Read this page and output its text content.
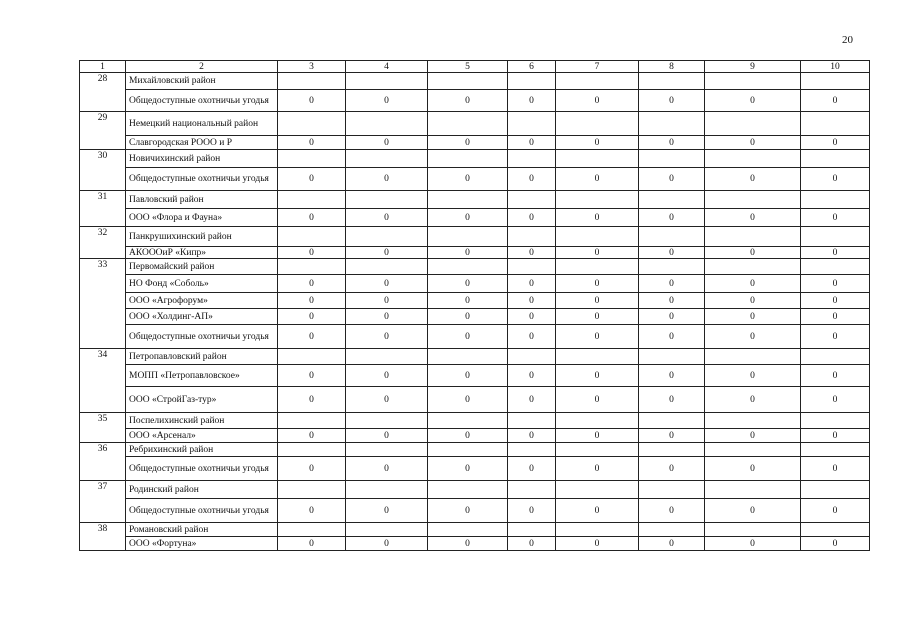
20
1	2	3	4	5	6	7	8	9	10
28	Михайловский район								
	Общедоступные охотничьи угодья	0	0	0	0	0	0	0	0
29	Немецкий национальный район								
	Славгородская РООО и Р	0	0	0	0	0	0	0	0
30	Новичихинский район								
	Общедоступные охотничьи угодья	0	0	0	0	0	0	0	0
31	Павловский район								
	ООО «Флора и Фауна»	0	0	0	0	0	0	0	0
32	Панкрушихинский район								
	АКОООиР «Кипр»	0	0	0	0	0	0	0	0
33	Первомайский район								
	НО Фонд «Соболь»	0	0	0	0	0	0	0	0
	ООО «Агрофорум»	0	0	0	0	0	0	0	0
	ООО «Холдинг-АП»	0	0	0	0	0	0	0	0
	Общедоступные охотничьи угодья	0	0	0	0	0	0	0	0
34	Петропавловский район								
	МОПП «Петропавловское»	0	0	0	0	0	0	0	0
	ООО «СтройГаз-тур»	0	0	0	0	0	0	0	0
35	Поспелихинский район								
	ООО «Арсенал»	0	0	0	0	0	0	0	0
36	Ребрихинский район								
	Общедоступные охотничьи угодья	0	0	0	0	0	0	0	0
37	Родинский район								
	Общедоступные охотничьи угодья	0	0	0	0	0	0	0	0
38	Романовский район								
	ООО «Фортуна»	0	0	0	0	0	0	0	0
